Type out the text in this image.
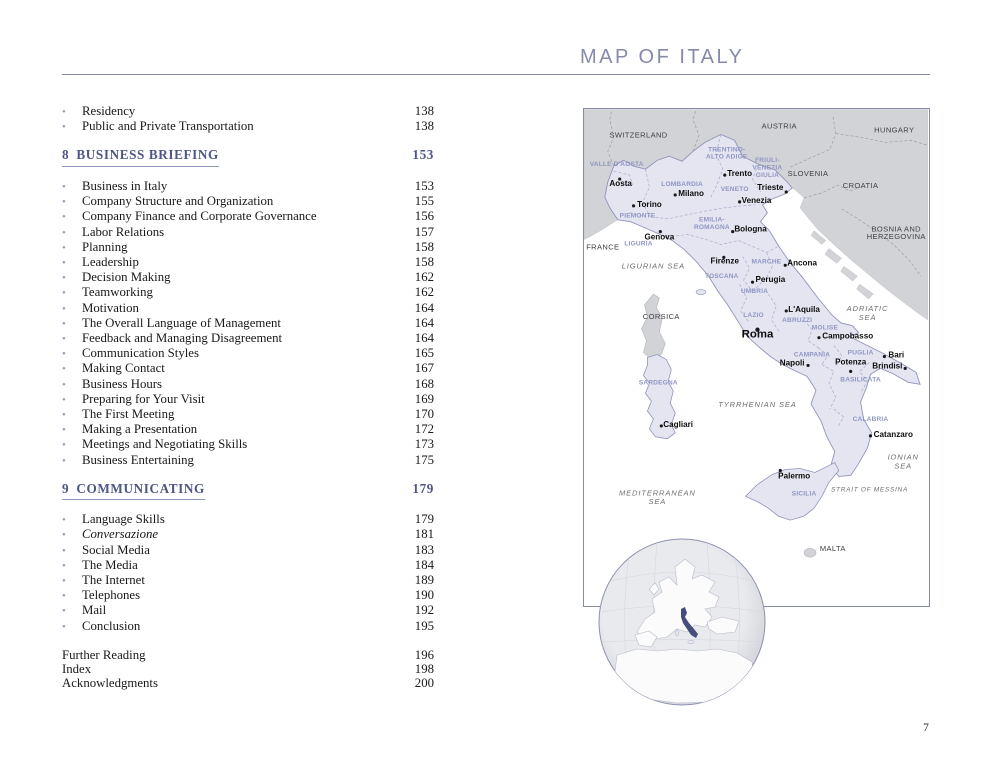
MAP OF ITALY
•	Residency	138
•	Public and Private Transportation	138
8 BUSINESS BRIEFING	153
•	Business in Italy	153
•	Company Structure and Organization	155
•	Company Finance and Corporate Governance	156
•	Labor Relations	157
•	Planning	158
•	Leadership	158
•	Decision Making	162
•	Teamworking	162
•	Motivation	164
•	The Overall Language of Management	164
•	Feedback and Managing Disagreement	164
•	Communication Styles	165
•	Making Contact	167
•	Business Hours	168
•	Preparing for Your Visit	169
•	The First Meeting	170
•	Making a Presentation	172
•	Meetings and Negotiating Skills	173
•	Business Entertaining	175
9 COMMUNICATING	179
•	Language Skills	179
•	Conversazione	181
•	Social Media	183
•	The Media	184
•	The Internet	189
•	Telephones	190
•	Mail	192
•	Conclusion	195
Further Reading	196
Index	198
Acknowledgments	200
SWITZERLAND
AUSTRIA	HUNGARY
SLOVENIA
CROATIA
BOSNIA AND HERZEGOVINA
FRANCE
CORSICA
MALTA
LIGURIAN SEA
ADRIATIC SEA
TYRRHENIAN SEA
MEDITERRANEAN SEA
IONIAN SEA
STRAIT OF MESSINA
VALLE D'AOSTA
PIEMONTE
LIGURIA
LOMBARDIA
TRENTINO-ALTO ADIGE
VENETO
FRIULI-VENEZIA GIULIA
EMILIA-ROMAGNA
TOSCANA
MARCHE
UMBRIA
LAZIO
ABRUZZI
MOLISE
CAMPANIA	PUGLIA
BASILICATA
CALABRIA
SARDEGNA
SICILIA
Aosta
Torino
Milano
Trento
Trieste
Venezia
Genova
Bologna
Firenze	Ancona
Perugia
L'Aquila
Roma	Campobasso
Napoli
Bari
Potenza Brindisi
Catanzaro
Cagliari
Palermo
7
